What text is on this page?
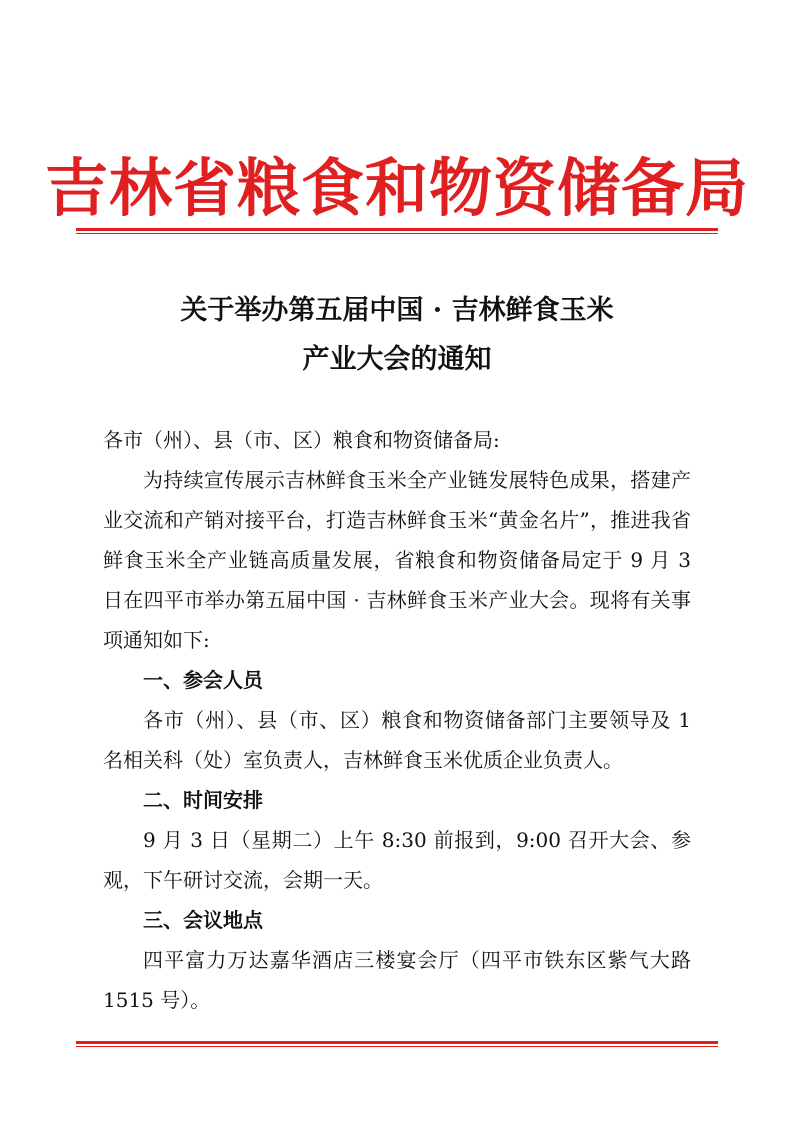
吉林省粮食和物资储备局
关于举办第五届中国 · 吉林鲜食玉米
产业大会的通知

各市（州）、县（市、区）粮食和物资储备局:

为持续宣传展示吉林鲜食玉米全产业链发展特色成果，搭建产业交流和产销对接平台，打造吉林鲜食玉米“黄金名片”，推进我省鲜食玉米全产业链高质量发展，省粮食和物资储备局定于 9 月 3 日在四平市举办第五届中国 · 吉林鲜食玉米产业大会。现将有关事项通知如下:

一、参会人员

各市（州）、县（市、区）粮食和物资储备部门主要领导及 1 名相关科（处）室负责人，吉林鲜食玉米优质企业负责人。

二、时间安排

9 月 3 日（星期二）上午 8:30 前报到，9:00 召开大会、参观，下午研讨交流，会期一天。

三、会议地点

四平富力万达嘉华酒店三楼宴会厅（四平市铁东区紫气大路 1515 号）。
